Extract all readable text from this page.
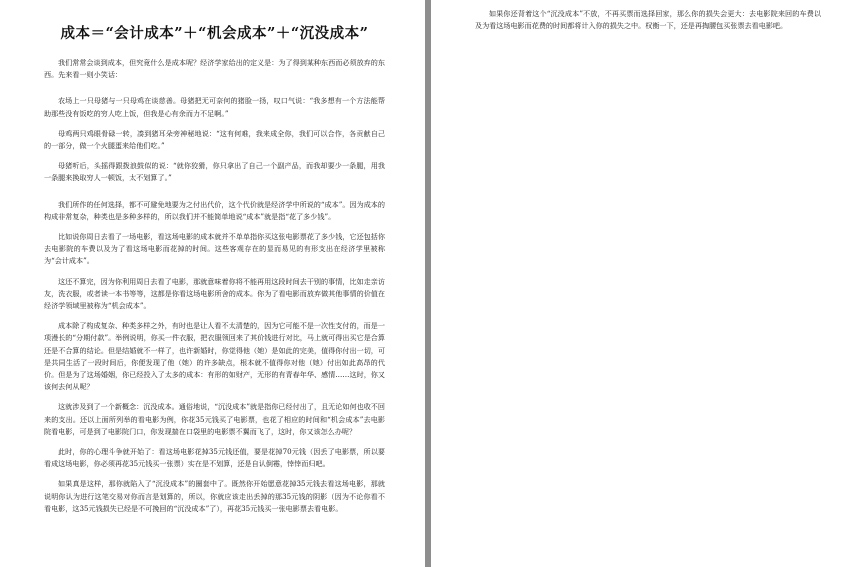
成本＝“会计成本”＋“机会成本”＋“沉没成本”

我们常常会谈到成本，但究竟什么是成本呢？经济学家给出的定义是：为了得到某种东西而必须放弃的东西。先来看一则小笑话：

农场上一只母猪与一只母鸡在谈慈善。母猪把无可奈何的猪脸一扬，叹口气说：“我多想有一个方法能帮助那些没有饭吃的穷人吃上饭，但我是心有余而力不足啊。”

母鸡两只鸡眼骨碌一转，凑到猪耳朵旁神秘地说：“这有何难，我来成全你，我们可以合作，各贡献自己的一部分，做一个火腿蛋来给他们吃。”

母猪听后，头摇得跟拨浪鼓似的说：“就你狡猾，你只拿出了自己一个副产品，而我却要少一条腿，用我一条腿来换取穷人一顿饭，太不划算了。”

我们所作的任何选择，都不可避免地要为之付出代价，这个代价就是经济学中所说的“成本”。因为成本的构成非常复杂，种类也是多种多样的，所以我们并不能简单地说“成本”就是指“花了多少钱”。

比如说你周日去看了一场电影，看这场电影的成本就并不单单指你买这张电影票花了多少钱，它还包括你去电影院的车费以及为了看这场电影而花掉的时间。这些客观存在的显而易见的有形支出在经济学里被称为“会计成本”。

这还不算完，因为你利用周日去看了电影，那就意味着你将不能再用这段时间去干别的事情，比如走亲访友，洗衣服，或者读一本书等等，这都是你看这场电影所舍的成本。你为了看电影而放弃做其他事情的价值在经济学领域里被称为“机会成本”。

成本除了构成复杂、种类多样之外，有时也是让人看不太清楚的，因为它可能不是一次性支付的，而是一项漫长的“分期付款”。举例说明，你买一件衣服，把衣服领回来了其价钱进行对比，马上就可得出买它是合算还是不合算的结论。但是结婚就不一样了，也许新婚时，你觉得他（她）是如此的完美，值得你付出一切，可是共同生活了一段时间后，你便发现了他（她）的许多缺点，根本就不值得你对他（她）付出如此高昂的代价。但是为了这场婚姻，你已经投入了太多的成本：有形的如财产，无形的有青春年华、感情……这时，你又该何去何从呢？

这就涉及到了一个新概念：沉没成本。通俗地说，“沉没成本”就是指你已经付出了，且无论如何也收不回来的支出。还以上面所列举的看电影为例，你花35元钱买了电影票，也花了相应的时间和“机会成本”去电影院看电影，可是到了电影院门口，你发现揣在口袋里的电影票不翼而飞了，这时，你又该怎么办呢？

此时，你的心理斗争就开始了：看这场电影花掉35元钱还值，要是花掉70元钱（因丢了电影票，所以要看成这场电影，你必须再花35元钱买一张票）实在是不划算，还是自认倒霉，悻悻而归吧。

如果真是这样，那你就陷入了“沉没成本”的圈套中了。既然你开始愿意花掉35元钱去看这场电影，那就说明你认为进行这笔交易对你而言是划算的，所以，你就应该走出丢掉的那35元钱的阴影（因为不论你看不看电影，这35元钱损失已经是不可挽回的“沉没成本”了），再花35元钱买一张电影票去看电影。

如果你还背着这个“沉没成本”不放，不再买票而选择回家，那么你的损失会更大：去电影院来回的车费以及为看这场电影而花费的时间都将计入你的损失之中。权衡一下，还是再掏腰包买张票去看电影吧。
